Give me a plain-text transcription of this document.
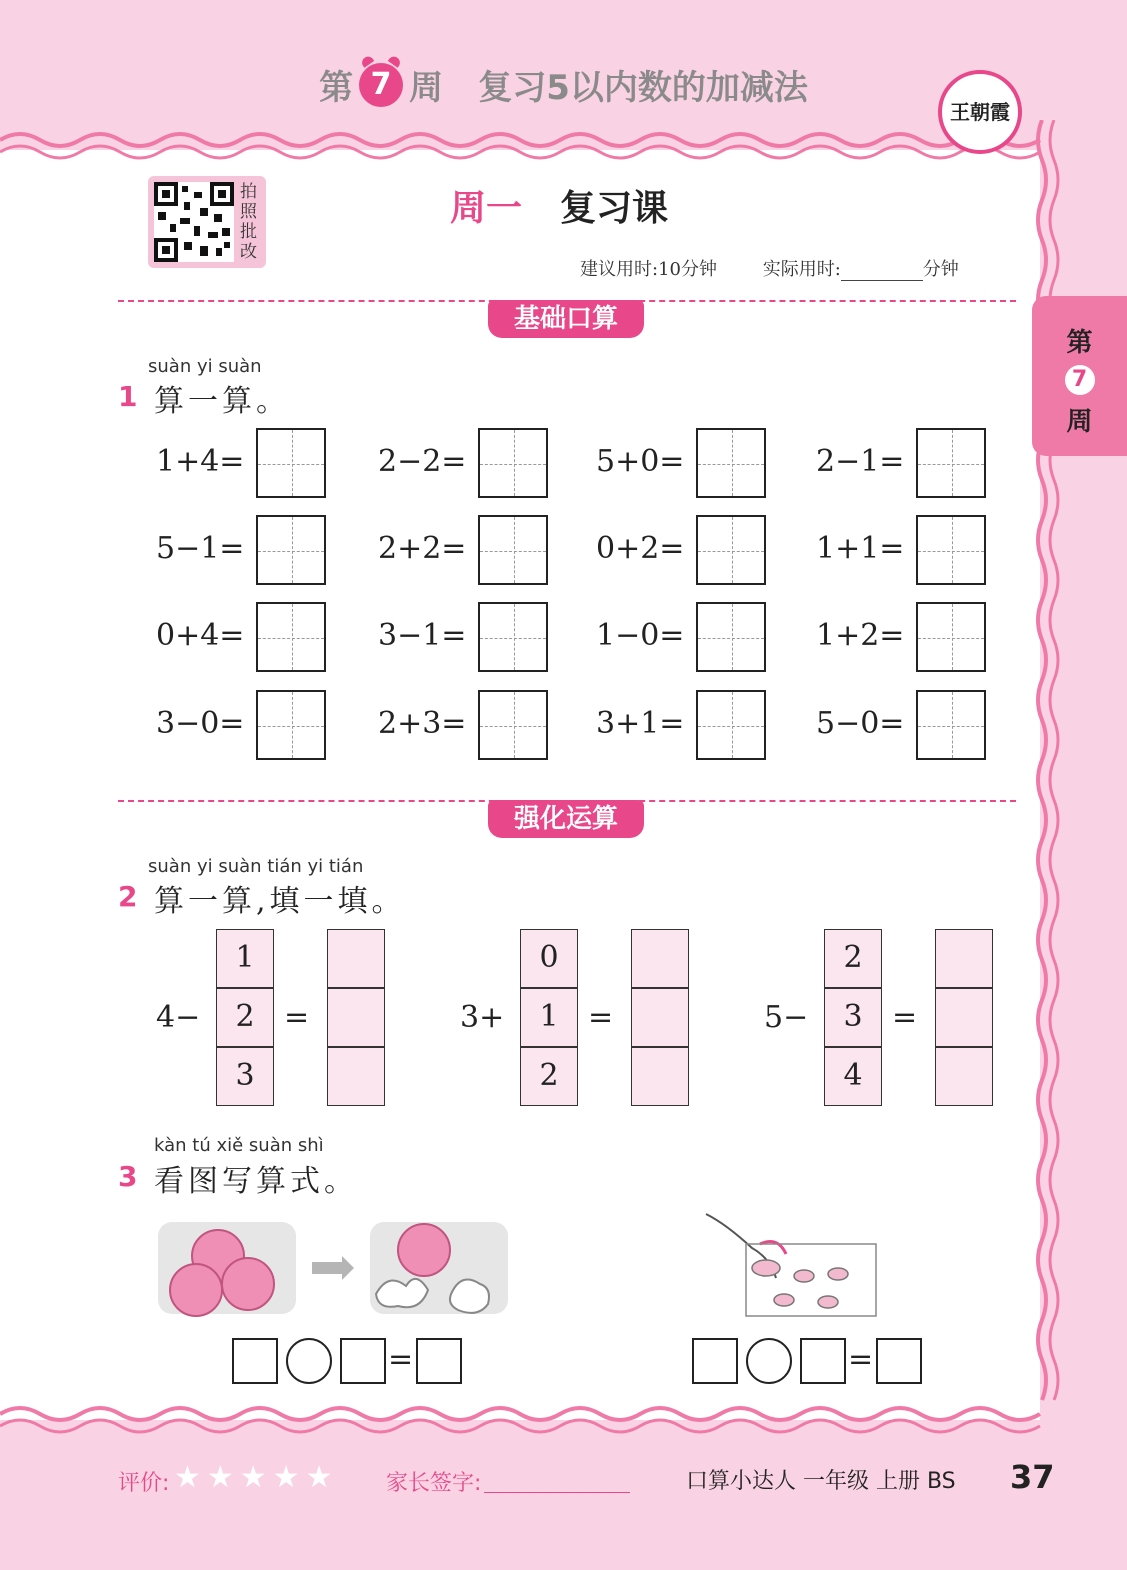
第 7 周 复习5以内数的加减法
王朝霞
第
7
周
拍照批改
周一 复习课
建议用时:10分钟	实际用时:	分钟
基础口算
suàn yi suàn
1 算一算。
1+4=	2−2=	5+0=	2−1=
5−1=	2+2=	0+2=	1+1=
0+4=	3−1=	1−0=	1+2=
3−0=	2+3=	3+1=	5−0=
强化运算
suàn yi suàn tián yi tián
2 算一算,填一填。
4−
1
2
3
=	3+
0
1
2
=	5−
2
3
4
=
kàn tú xiě suàn shì
3 看图写算式。
=	=
评价: ★★★★★ 家长签字:	口算小达人 一年级 上册 BS 37
